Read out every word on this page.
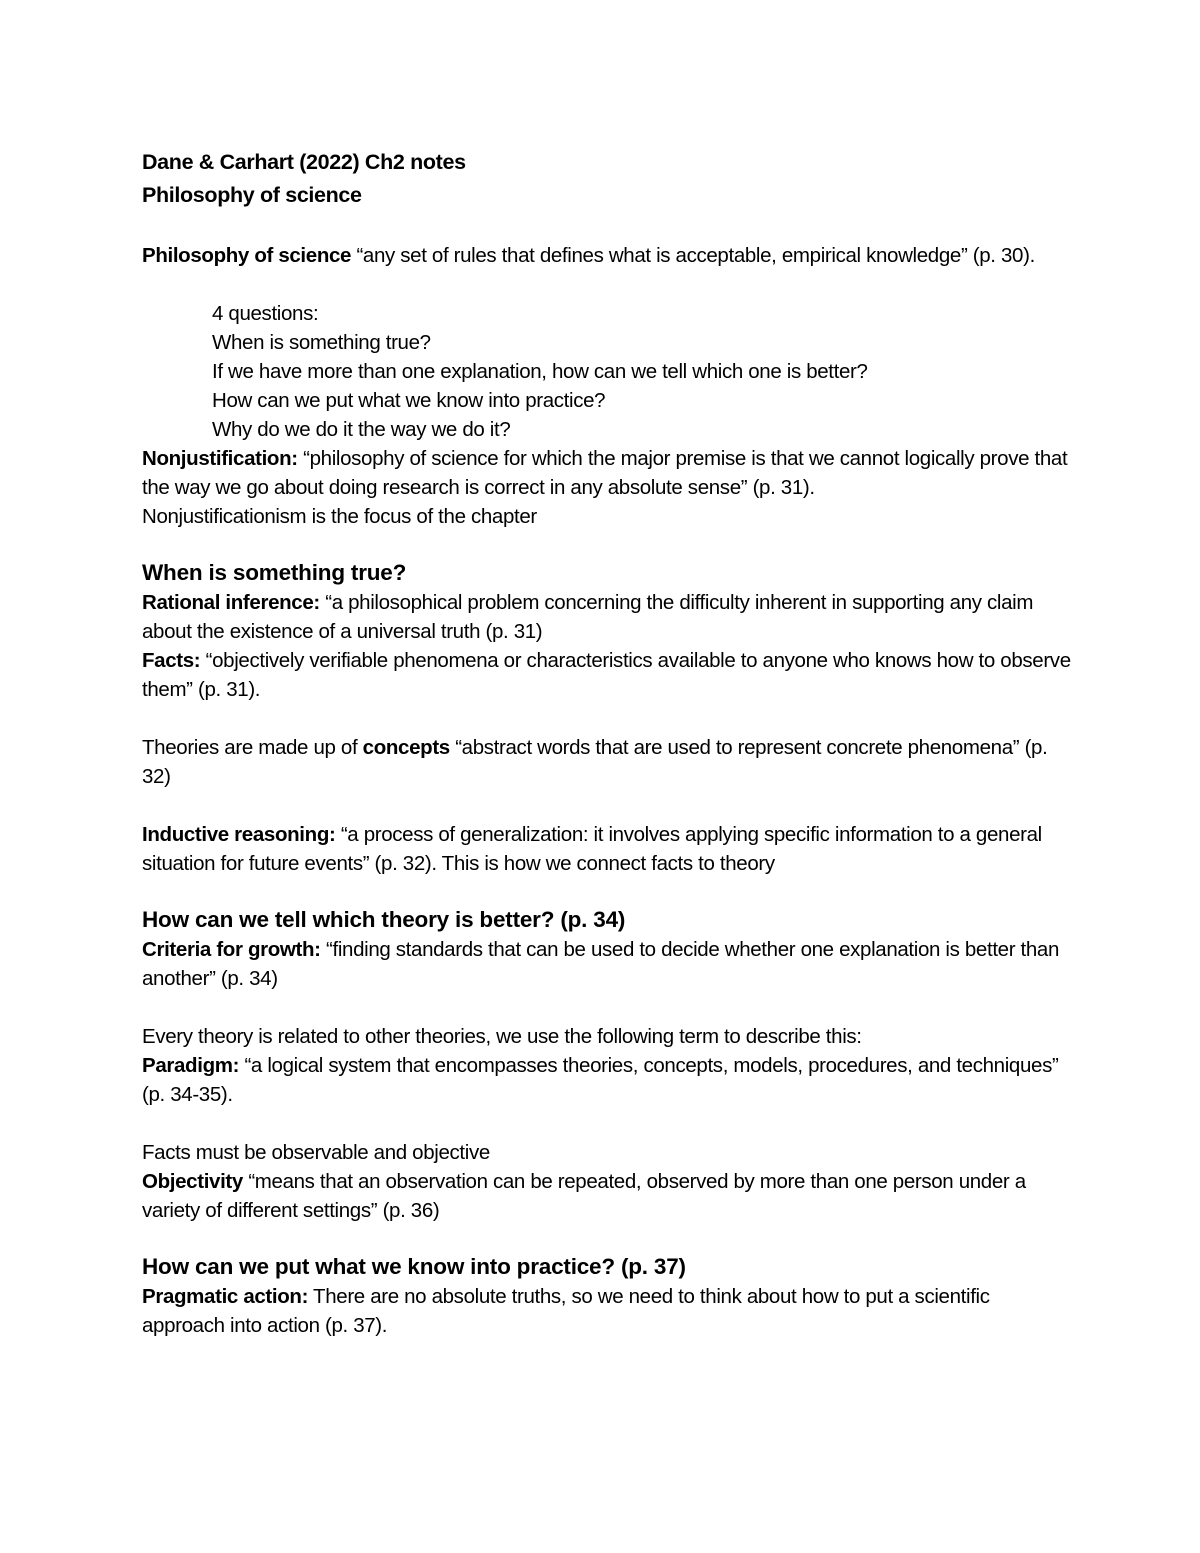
Dane & Carhart (2022) Ch2 notes

Philosophy of science

Philosophy of science “any set of rules that defines what is acceptable, empirical knowledge” (p. 30).

4 questions:

When is something true?

If we have more than one explanation, how can we tell which one is better?

How can we put what we know into practice?

Why do we do it the way we do it?

Nonjustification: “philosophy of science for which the major premise is that we cannot logically prove that the way we go about doing research is correct in any absolute sense” (p. 31).

Nonjustificationism is the focus of the chapter

When is something true?

Rational inference: “a philosophical problem concerning the difficulty inherent in supporting any claim about the existence of a universal truth (p. 31)

Facts: “objectively verifiable phenomena or characteristics available to anyone who knows how to observe them” (p. 31).

Theories are made up of concepts “abstract words that are used to represent concrete phenomena” (p. 32)

Inductive reasoning: “a process of generalization: it involves applying specific information to a general situation for future events” (p. 32). This is how we connect facts to theory

How can we tell which theory is better? (p. 34)

Criteria for growth: “finding standards that can be used to decide whether one explanation is better than another” (p. 34)

Every theory is related to other theories, we use the following term to describe this:

Paradigm: “a logical system that encompasses theories, concepts, models, procedures, and techniques” (p. 34-35).

Facts must be observable and objective

Objectivity “means that an observation can be repeated, observed by more than one person under a variety of different settings” (p. 36)

How can we put what we know into practice? (p. 37)

Pragmatic action: There are no absolute truths, so we need to think about how to put a scientific approach into action (p. 37).
